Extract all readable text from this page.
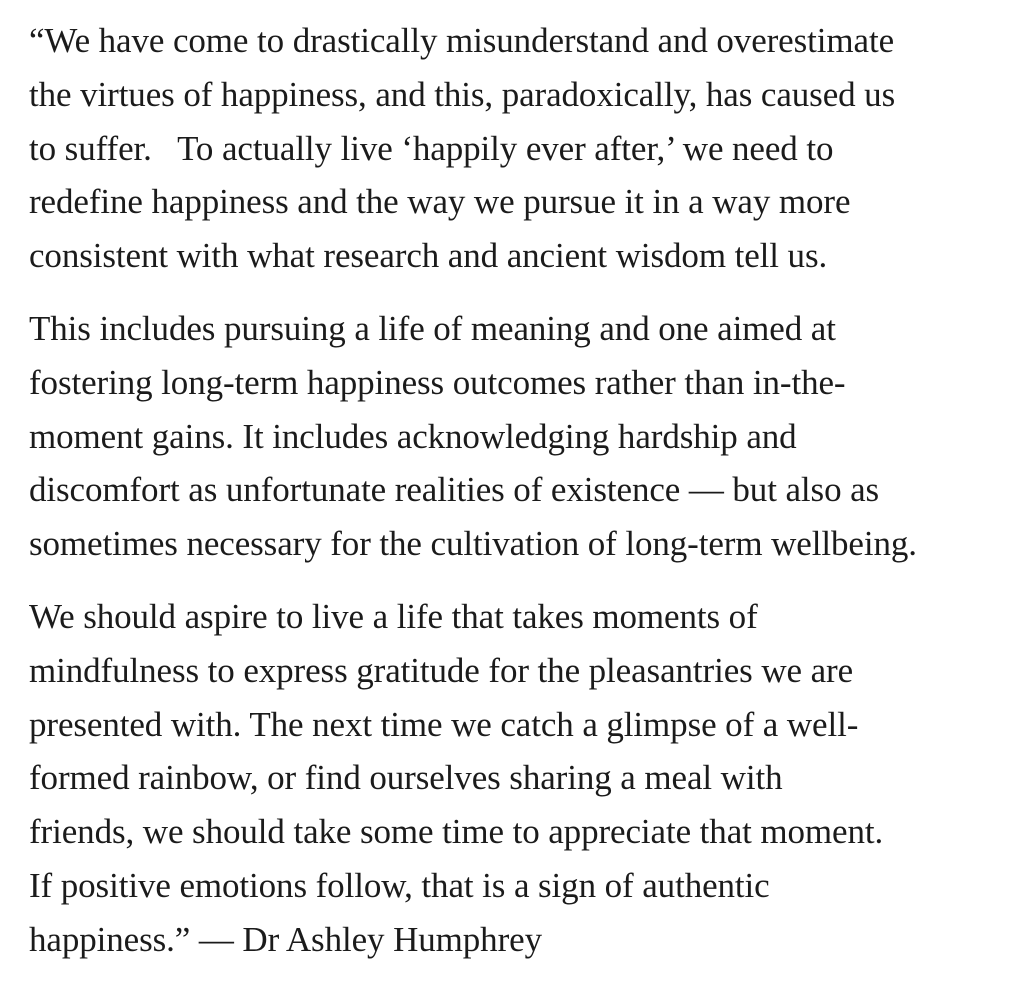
“We have come to drastically misunderstand and overestimate
the virtues of happiness, and this, paradoxically, has caused us
to suffer.   To actually live ‘happily ever after,’ we need to
redefine happiness and the way we pursue it in a way more
consistent with what research and ancient wisdom tell us.
This includes pursuing a life of meaning and one aimed at
fostering long-term happiness outcomes rather than in-the-
moment gains. It includes acknowledging hardship and
discomfort as unfortunate realities of existence — but also as
sometimes necessary for the cultivation of long-term wellbeing.
We should aspire to live a life that takes moments of
mindfulness to express gratitude for the pleasantries we are
presented with. The next time we catch a glimpse of a well-
formed rainbow, or find ourselves sharing a meal with
friends, we should take some time to appreciate that moment.
If positive emotions follow, that is a sign of authentic
happiness.” — Dr Ashley Humphrey
